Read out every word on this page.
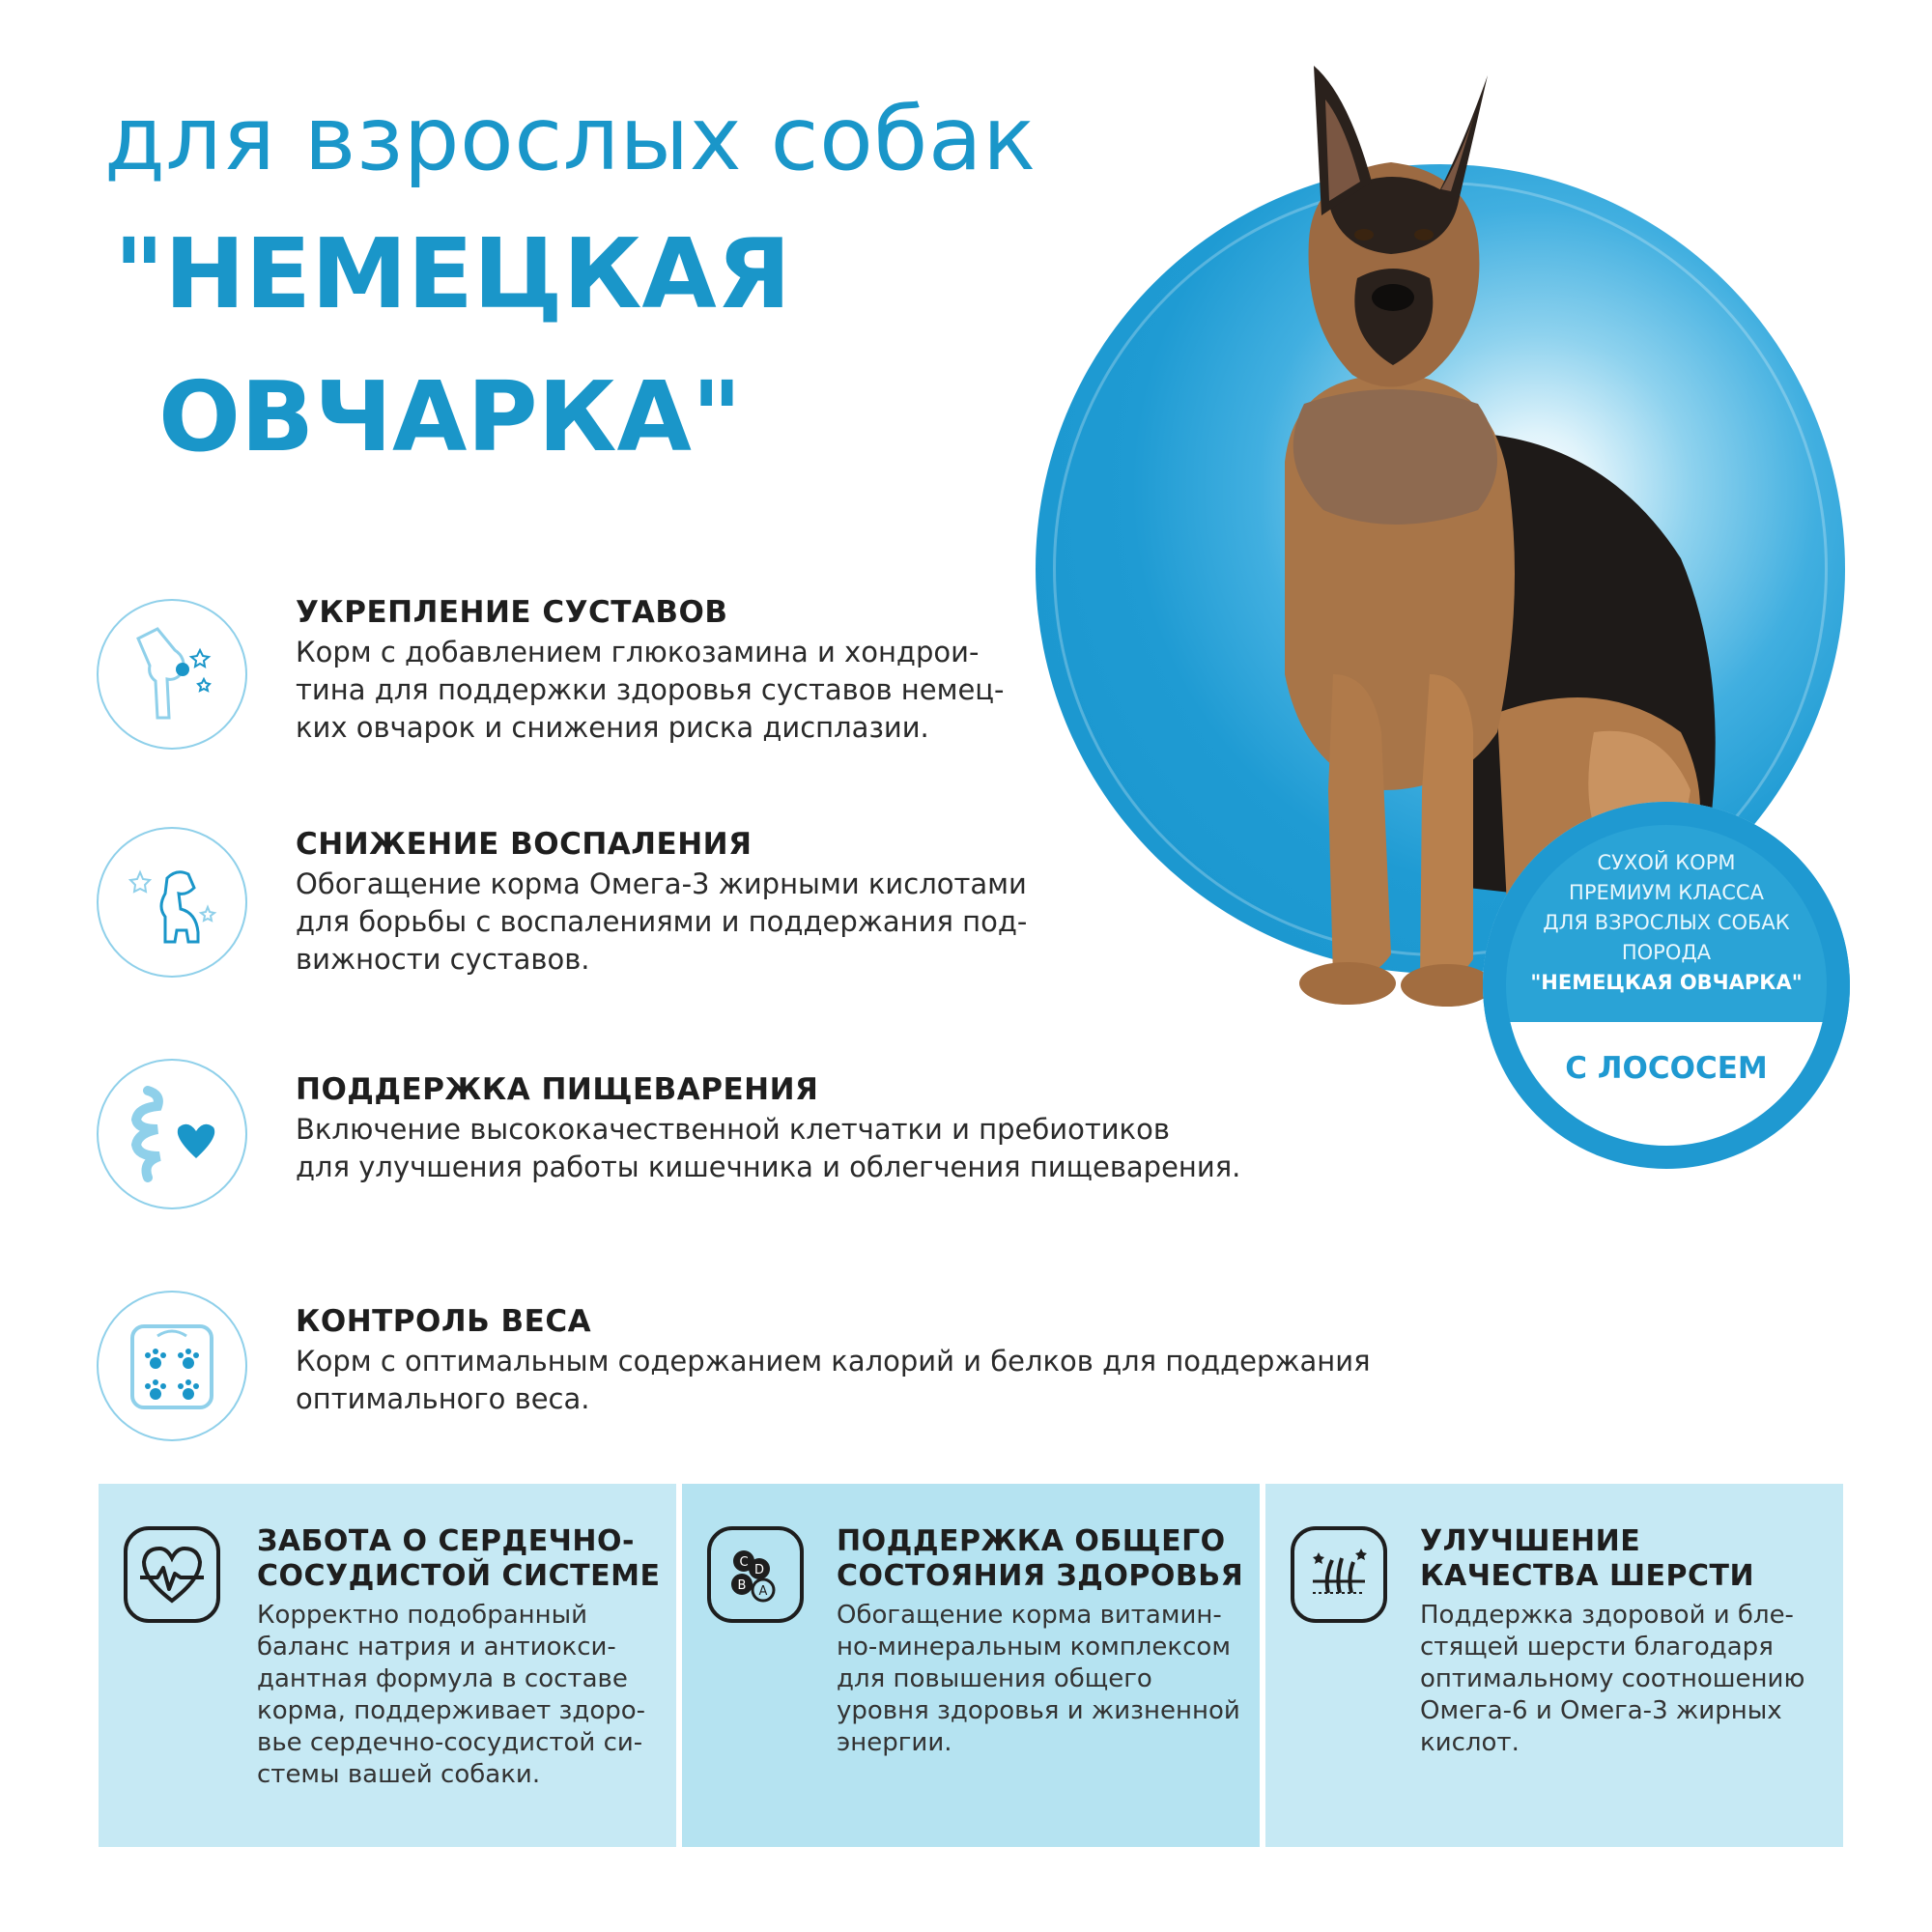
для взрослых собак
"НЕМЕЦКАЯ
ОВЧАРКА"
СУХОЙ КОРМ
ПРЕМИУМ КЛАССА
ДЛЯ ВЗРОСЛЫХ СОБАК
ПОРОДА
"НЕМЕЦКАЯ ОВЧАРКА"
С ЛОСОСЕМ
УКРЕПЛЕНИЕ СУСТАВОВ
Корм с добавлением глюкозамина и хондрои-
тина для поддержки здоровья суставов немец-
ких овчарок и снижения риска дисплазии.
СНИЖЕНИЕ ВОСПАЛЕНИЯ
Обогащение корма Омега-3 жирными кислотами
для борьбы с воспалениями и поддержания под-
вижности суставов.
ПОДДЕРЖКА ПИЩЕВАРЕНИЯ
Включение высококачественной клетчатки и пребиотиков
для улучшения работы кишечника и облегчения пищеварения.
КОНТРОЛЬ ВЕСА
Корм с оптимальным содержанием калорий и белков для поддержания
оптимального веса.
ЗАБОТА О СЕРДЕЧНО-
СОСУДИСТОЙ СИСТЕМЕ
Корректно подобранный
баланс натрия и антиокси-
дантная формула в составе
корма, поддерживает здоро-
вье сердечно-сосудистой си-
стемы вашей собаки.
C
D
B A
ПОДДЕРЖКА ОБЩЕГО
СОСТОЯНИЯ ЗДОРОВЬЯ
Обогащение корма витамин-
но-минеральным комплексом
для повышения общего
уровня здоровья и жизненной
энергии.
УЛУЧШЕНИЕ
КАЧЕСТВА ШЕРСТИ
Поддержка здоровой и бле-
стящей шерсти благодаря
оптимальному соотношению
Омега-6 и Омега-3 жирных
кислот.
